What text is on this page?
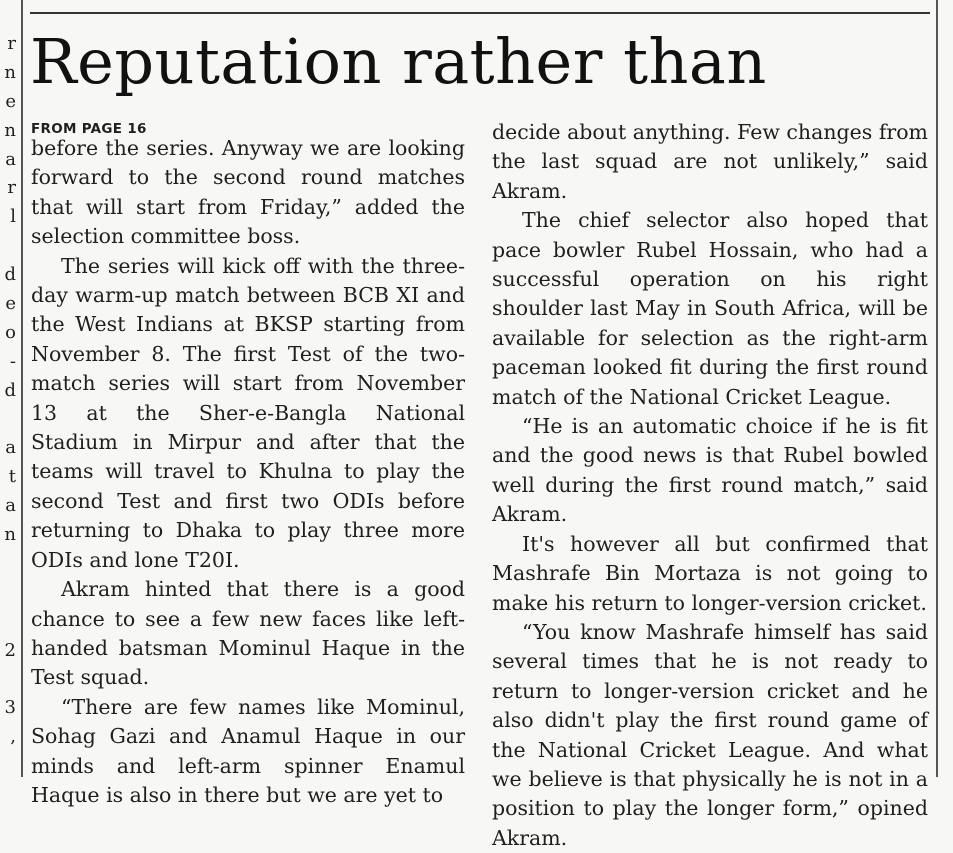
r
n
e
n
a
r
l
d
e
o
-
d
a
t
a
n
2
3
,
Reputation rather than
FROM PAGE 16

before the series. Anyway we are looking forward to the second round matches that will start from Friday,” added the selection committee boss.

The series will kick off with the three-day warm-up match between BCB XI and the West Indians at BKSP starting from November 8. The first Test of the two-match series will start from November 13 at the Sher-e-Bangla National Stadium in Mirpur and after that the teams will travel to Khulna to play the second Test and first two ODIs before returning to Dhaka to play three more ODIs and lone T20I.

Akram hinted that there is a good chance to see a few new faces like left-handed batsman Mominul Haque in the Test squad.

“There are few names like Mominul, Sohag Gazi and Anamul Haque in our minds and left-arm spinner Enamul Haque is also in there but we are yet to

decide about anything. Few changes from the last squad are not unlikely,” said Akram.

The chief selector also hoped that pace bowler Rubel Hossain, who had a successful operation on his right shoulder last May in South Africa, will be available for selection as the right-arm paceman looked fit during the first round match of the National Cricket League.

“He is an automatic choice if he is fit and the good news is that Rubel bowled well during the first round match,” said Akram.

It's however all but confirmed that Mashrafe Bin Mortaza is not going to make his return to longer-version cricket.

“You know Mashrafe himself has said several times that he is not ready to return to longer-version cricket and he also didn't play the first round game of the National Cricket League. And what we believe is that physically he is not in a position to play the longer form,” opined Akram.
